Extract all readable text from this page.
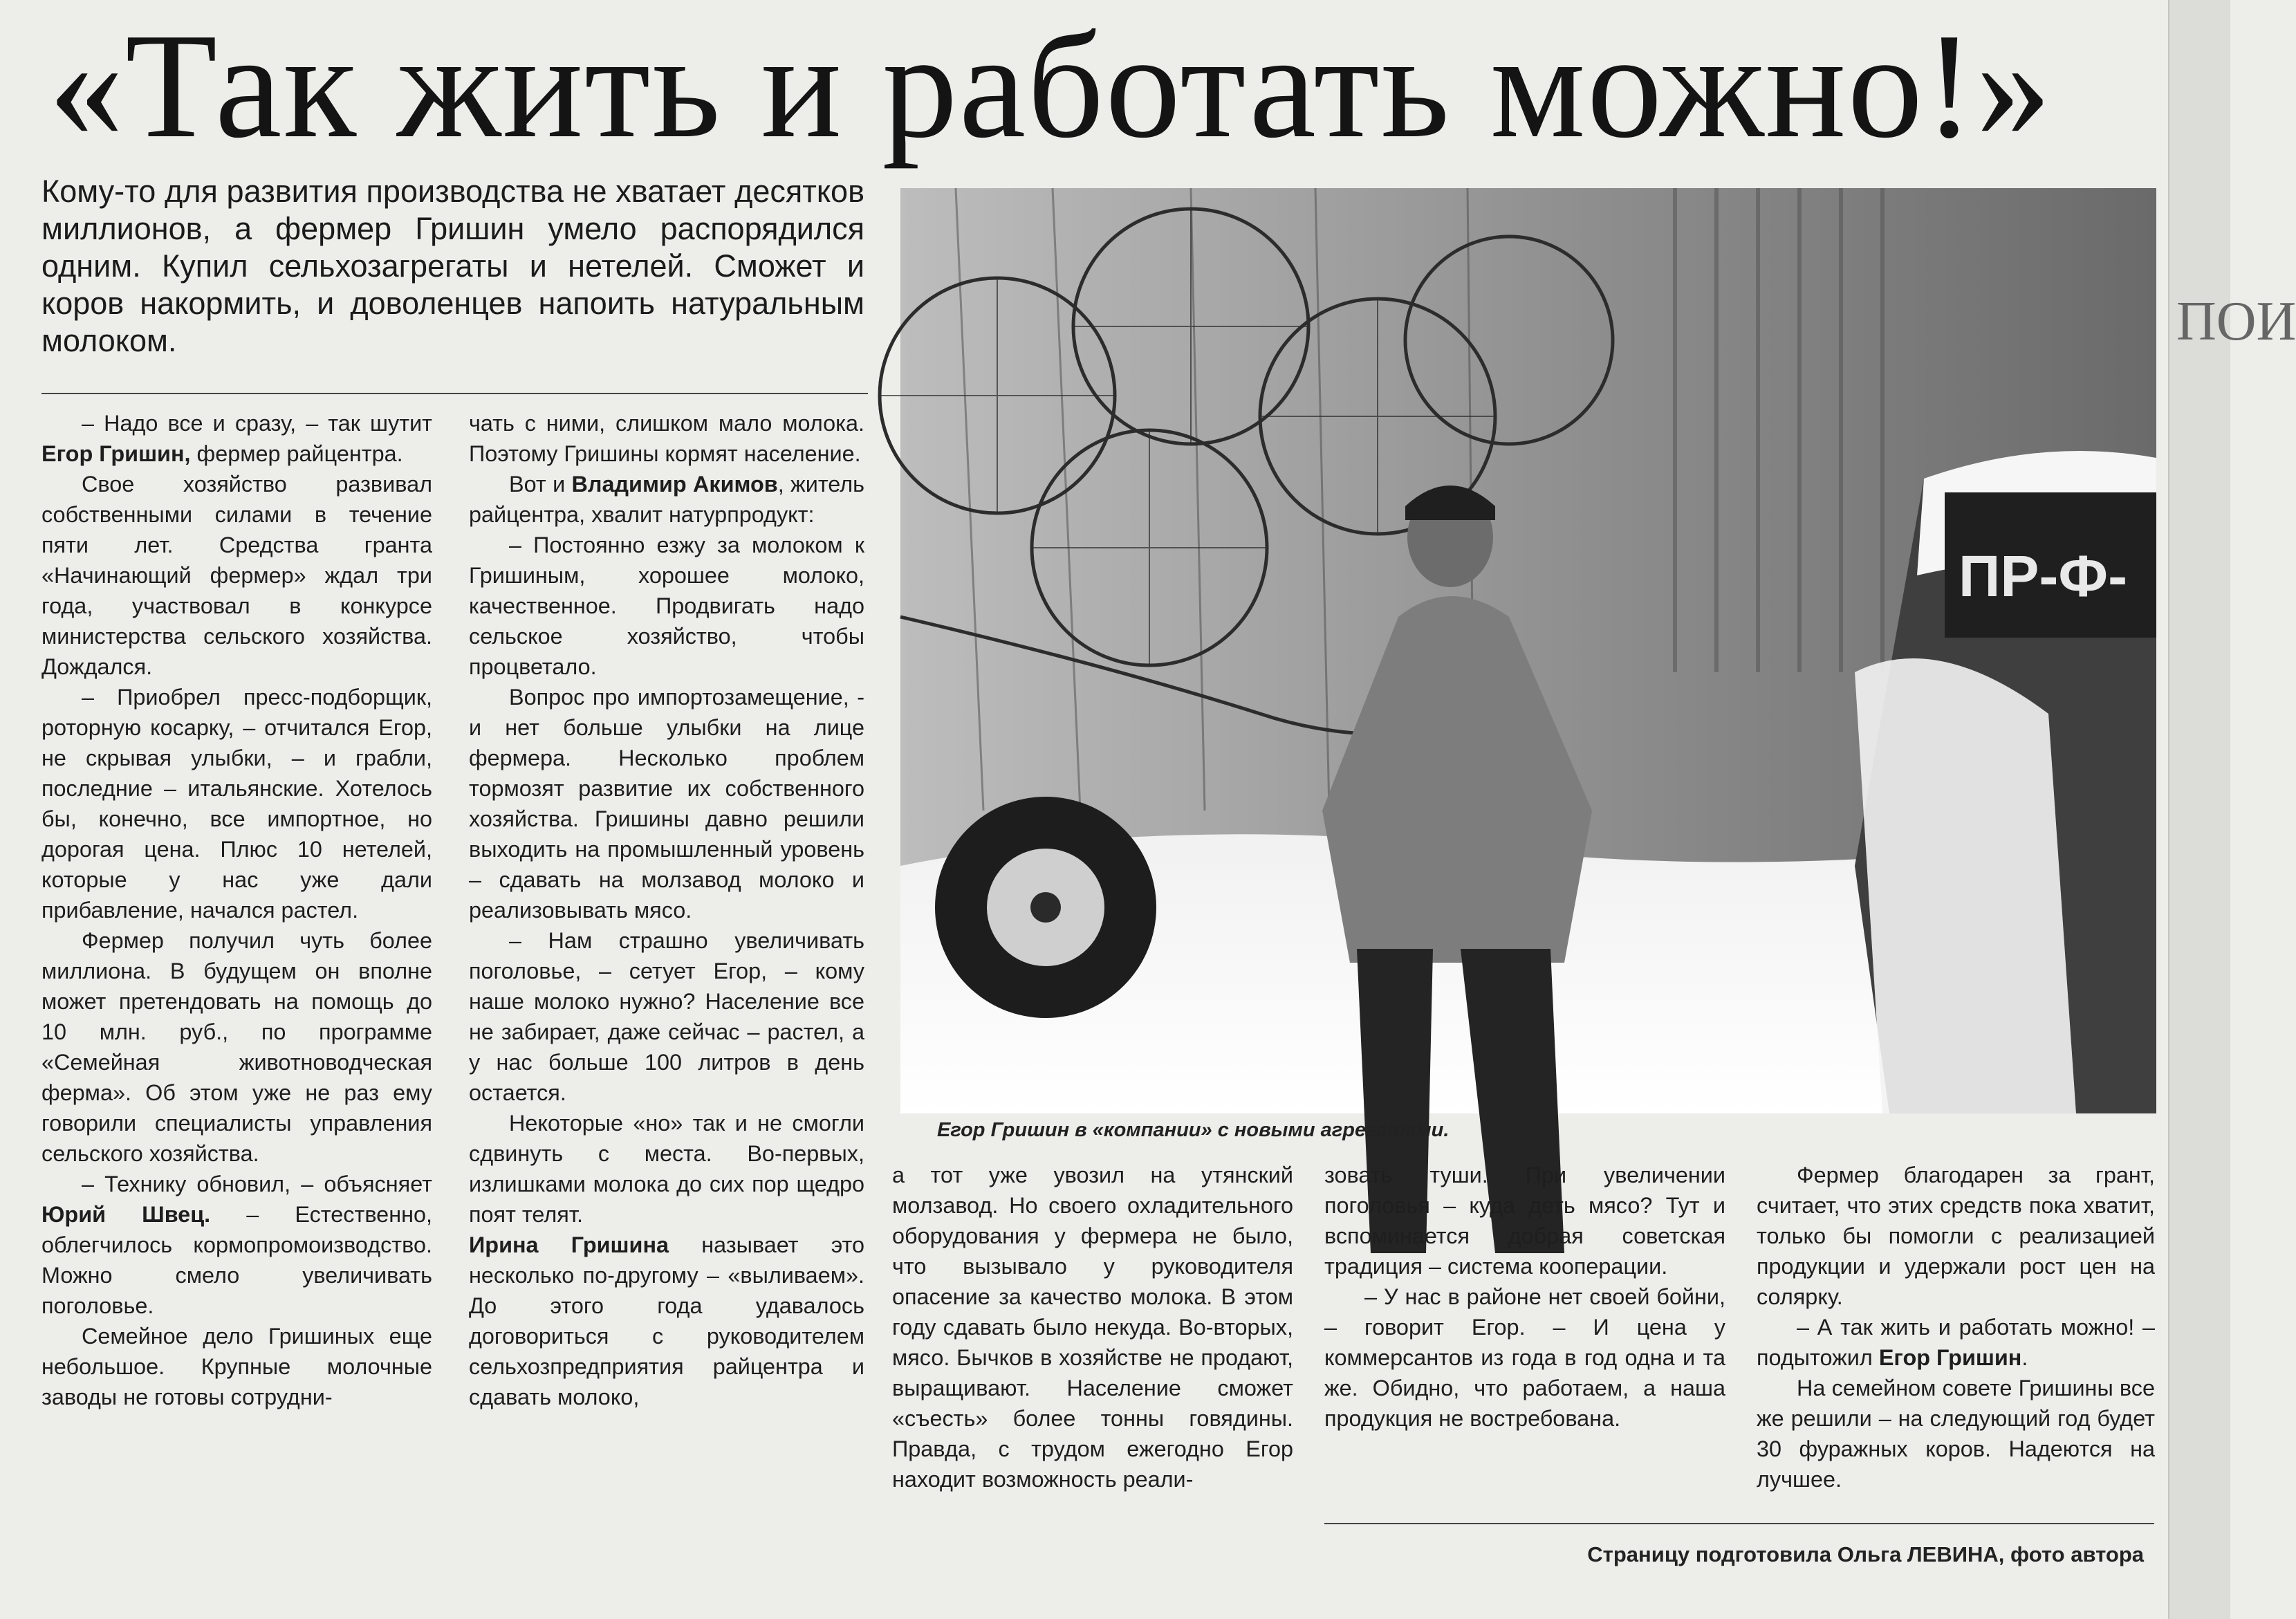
«Так жить и работать можно!»
Кому-то для развития производства не хватает десятков миллионов, а фермер Гришин умело распорядился одним. Купил сельхозагрегаты и нетелей. Сможет и коров накормить, и доволенцев напоить натуральным молоком.

– Надо все и сразу, – так шутит Егор Гришин, фермер райцентра.

Свое хозяйство развивал собственными силами в течение пяти лет. Средства гранта «Начинающий фермер» ждал три года, участвовал в конкурсе министерства сельского хозяйства. Дождался.

– Приобрел пресс-подборщик, роторную косарку, – отчитался Егор, не скрывая улыбки, – и грабли, последние – итальянские. Хотелось бы, конечно, все импортное, но дорогая цена. Плюс 10 нетелей, которые у нас уже дали прибавление, начался растел.

Фермер получил чуть более миллиона. В будущем он вполне может претендовать на помощь до 10 млн. руб., по программе «Семейная животноводческая ферма». Об этом уже не раз ему говорили специалисты управления сельского хозяйства.

– Технику обновил, – объясняет Юрий Швец. – Естественно, облегчилось кормопромоизводство. Можно смело увеличивать поголовье.

Семейное дело Гришиных еще небольшое. Крупные молочные заводы не готовы сотрудни-

чать с ними, слишком мало молока. Поэтому Гришины кормят население.

Вот и Владимир Акимов, житель райцентра, хвалит натурпродукт:

– Постоянно езжу за молоком к Гришиным, хорошее молоко, качественное. Продвигать надо сельское хозяйство, чтобы процветало.

Вопрос про импортозамещение, - и нет больше улыбки на лице фермера. Несколько проблем тормозят развитие их собственного хозяйства. Гришины давно решили выходить на промышленный уровень – сдавать на молзавод молоко и реализовывать мясо.

– Нам страшно увеличивать поголовье, – сетует Егор, – кому наше молоко нужно? Население все не забирает, даже сейчас – растел, а у нас больше 100 литров в день остается.

Некоторые «но» так и не смогли сдвинуть с места. Во-первых, излишками молока до сих пор щедро поят телят.

Ирина Гришина называет это несколько по-другому – «выливаем». До этого года удавалось договориться с руководителем сельхозпредприятия райцентра и сдавать молоко,

ПР-Ф-
Егор Гришин в «компании» с новыми агрегатами.

а тот уже увозил на утянский молзавод. Но своего охладительного оборудования у фермера не было, что вызывало у руководителя опасение за качество молока. В этом году сдавать было некуда. Во-вторых, мясо. Бычков в хозяйстве не продают, выращивают. Население сможет «съесть» более тонны говядины. Правда, с трудом ежегодно Егор находит возможность реали-

зовать туши. При увеличении поголовья – куда деть мясо? Тут и вспоминается добрая советская традиция – система кооперации.

– У нас в районе нет своей бойни, – говорит Егор. – И цена у коммерсантов из года в год одна и та же. Обидно, что работаем, а наша продукция не востребована.

Фермер благодарен за грант, считает, что этих средств пока хватит, только бы помогли с реализацией продукции и удержали рост цен на солярку.

– А так жить и работать можно! – подытожил Егор Гришин.

На семейном совете Гришины все же решили – на следующий год будет 30 фуражных коров. Надеются на лучшее.

Страницу подготовила Ольга ЛЕВИНА, фото автора
ПОИ
